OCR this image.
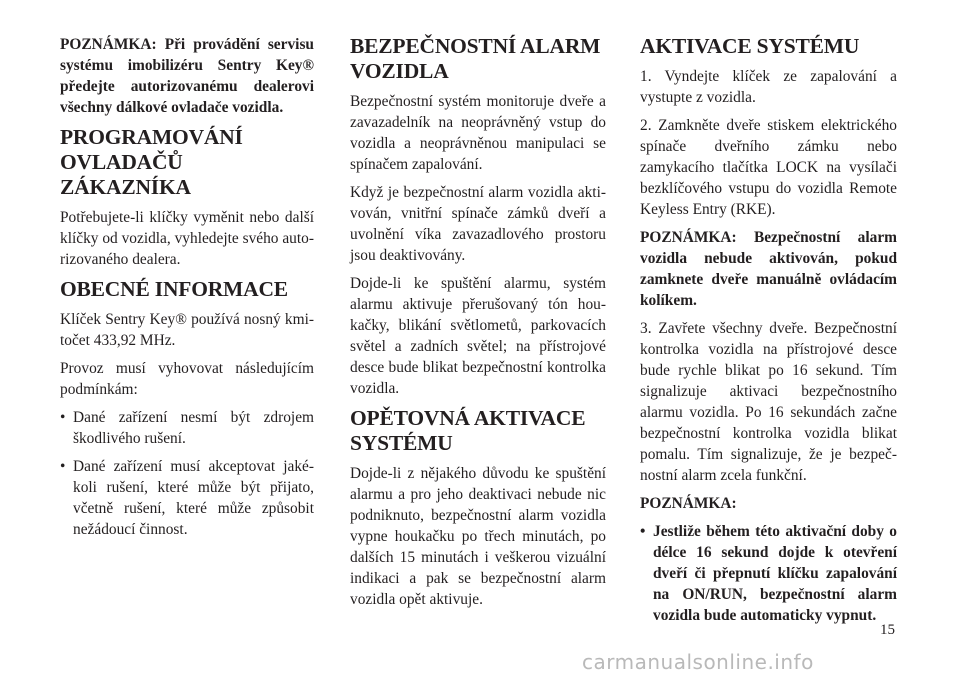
POZNÁMKA: Při provádění servisu systému imobilizéru Sentry Key® předejte autorizovanému dealerovi všechny dálkové ovladače vozidla.

PROGRAMOVÁNÍ OVLADAČŮ ZÁKAZNÍKA

Potřebujete-li klíčky vyměnit nebo další klíčky od vozidla, vyhledejte svého autorizovaného dealera.

OBECNÉ INFORMACE

Klíček Sentry Key® používá nosný kmitočet 433,92 MHz.

Provoz musí vyhovovat následujícím podmínkám:

• Dané zařízení nesmí být zdrojem škodlivého rušení.
• Dané zařízení musí akceptovat jakékoli rušení, které může být přijato, včetně rušení, které může způsobit nežádoucí činnost.
BEZPEČNOSTNÍ ALARM VOZIDLA

Bezpečnostní systém monitoruje dveře a zavazadelník na neoprávněný vstup do vozidla a neoprávněnou manipulaci se spínačem zapalování.

Když je bezpečnostní alarm vozidla aktivován, vnitřní spínače zámků dveří a uvolnění víka zavazadlového prostoru jsou deaktivovány.

Dojde-li ke spuštění alarmu, systém alarmu aktivuje přerušovaný tón houkačky, blikání světlometů, parkovacích světel a zadních světel; na přístrojové desce bude blikat bezpečnostní kontrolka vozidla.

OPĚTOVNÁ AKTIVACE SYSTÉMU

Dojde-li z nějakého důvodu ke spuštění alarmu a pro jeho deaktivaci nebude nic podniknuto, bezpečnostní alarm vozidla vypne houkačku po třech minutách, po dalších 15 minutách i veškerou vizuální indikaci a pak se bezpečnostní alarm vozidla opět aktivuje.

AKTIVACE SYSTÉMU

1. Vyndejte klíček ze zapalování a vystupte z vozidla.

2. Zamkněte dveře stiskem elektrického spínače dveřního zámku nebo zamykacího tlačítka LOCK na vysílači bezklíčového vstupu do vozidla Remote Keyless Entry (RKE).

POZNÁMKA: Bezpečnostní alarm vozidla nebude aktivován, pokud zamknete dveře manuálně ovládacím kolíkem.

3. Zavřete všechny dveře. Bezpečnostní kontrolka vozidla na přístrojové desce bude rychle blikat po 16 sekund. Tím signalizuje aktivaci bezpečnostního alarmu vozidla. Po 16 sekundách začne bezpečnostní kontrolka vozidla blikat pomalu. Tím signalizuje, že je bezpečnostní alarm zcela funkční.

POZNÁMKA:

• Jestliže během této aktivační doby o délce 16 sekund dojde k otevření dveří či přepnutí klíčku zapalování na ON/RUN, bezpečnostní alarm vozidla bude automaticky vypnut.
15
carmanualsonline.info
